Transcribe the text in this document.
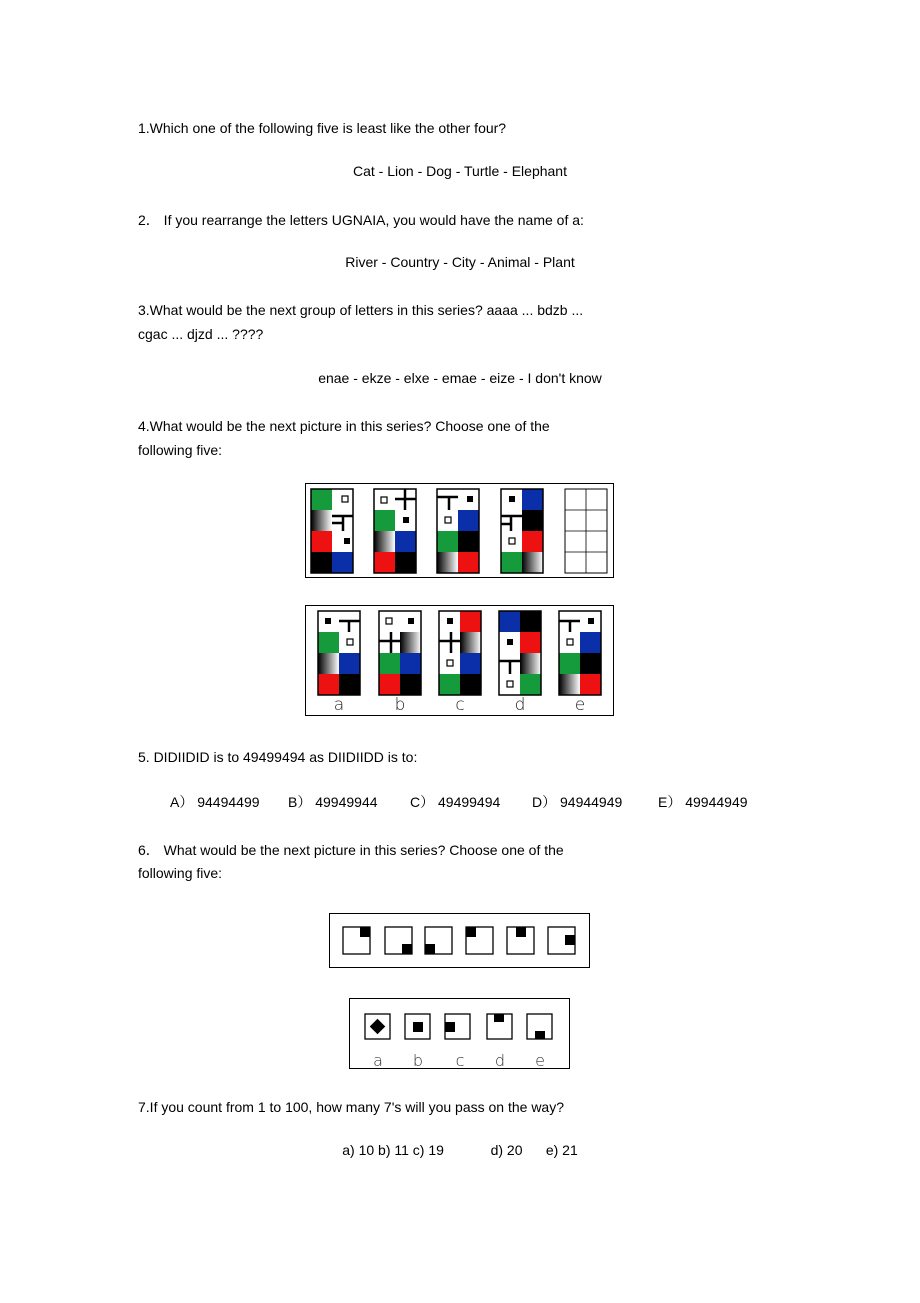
1.Which one of the following five is least like the other four?
Cat - Lion - Dog - Turtle - Elephant
2． If you rearrange the letters UGNAIA, you would have the name of a:
River - Country - City - Animal - Plant
3.What would be the next group of letters in this series? aaaa ... bdzb ...
cgac ... djzd ... ????
enae - ekze - elxe - emae - eize - I don't know
4.What would be the next picture in this series? Choose one of the
following five:
a	b	c	d	e
5. DIDIIDID is to 49499494 as DIIDIIDD is to:
A） 94494499 B） 49949944 C） 49499494 D） 94944949	E） 49944949
6． What would be the next picture in this series? Choose one of the
following five:
a b c d e
7.If you count from 1 to 100, how many 7's will you pass on the way?
a) 10 b) 11 c) 19            d) 20      e) 21
